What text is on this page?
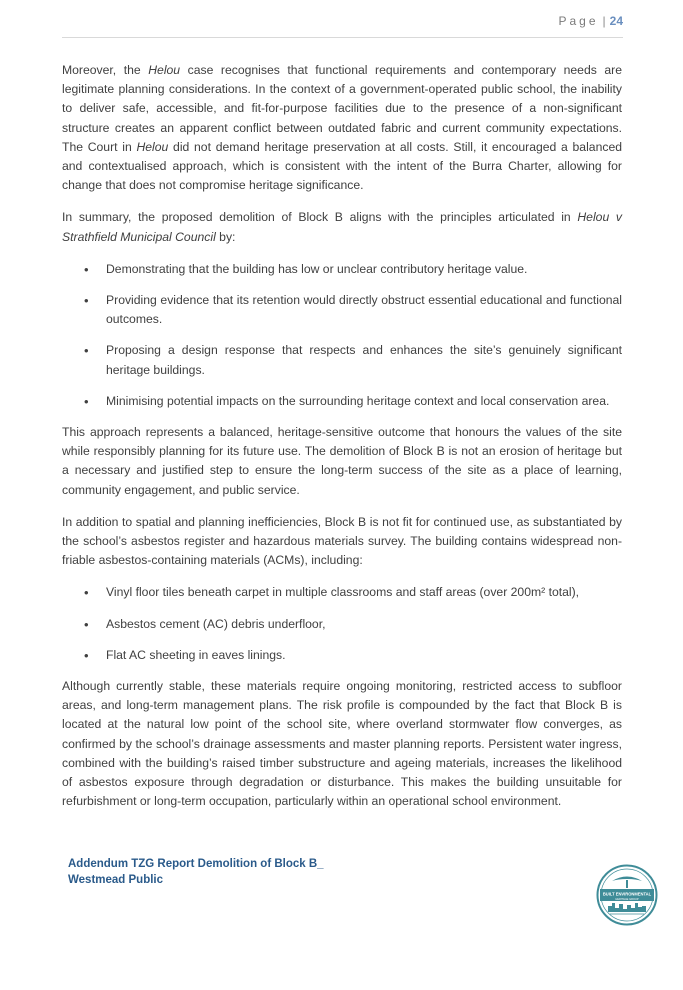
Page | 24

Moreover, the Helou case recognises that functional requirements and contemporary needs are legitimate planning considerations. In the context of a government-operated public school, the inability to deliver safe, accessible, and fit-for-purpose facilities due to the presence of a non-significant structure creates an apparent conflict between outdated fabric and current community expectations. The Court in Helou did not demand heritage preservation at all costs. Still, it encouraged a balanced and contextualised approach, which is consistent with the intent of the Burra Charter, allowing for change that does not compromise heritage significance.

In summary, the proposed demolition of Block B aligns with the principles articulated in Helou v Strathfield Municipal Council by:

• Demonstrating that the building has low or unclear contributory heritage value.
• Providing evidence that its retention would directly obstruct essential educational and functional outcomes.
• Proposing a design response that respects and enhances the site’s genuinely significant heritage buildings.
• Minimising potential impacts on the surrounding heritage context and local conservation area.

This approach represents a balanced, heritage-sensitive outcome that honours the values of the site while responsibly planning for its future use. The demolition of Block B is not an erosion of heritage but a necessary and justified step to ensure the long-term success of the site as a place of learning, community engagement, and public service.

In addition to spatial and planning inefficiencies, Block B is not fit for continued use, as substantiated by the school’s asbestos register and hazardous materials survey. The building contains widespread non-friable asbestos-containing materials (ACMs), including:

• Vinyl floor tiles beneath carpet in multiple classrooms and staff areas (over 200m² total),
• Asbestos cement (AC) debris underfloor,
• Flat AC sheeting in eaves linings.

Although currently stable, these materials require ongoing monitoring, restricted access to subfloor areas, and long-term management plans. The risk profile is compounded by the fact that Block B is located at the natural low point of the school site, where overland stormwater flow converges, as confirmed by the school’s drainage assessments and master planning reports. Persistent water ingress, combined with the building’s raised timber substructure and ageing materials, increases the likelihood of asbestos exposure through degradation or disturbance. This makes the building unsuitable for refurbishment or long-term occupation, particularly within an operational school environment.

Addendum TZG Report Demolition of Block B_
Westmead Public
BUILT ENVIRONMENTAL
HERITAGE GROUP
